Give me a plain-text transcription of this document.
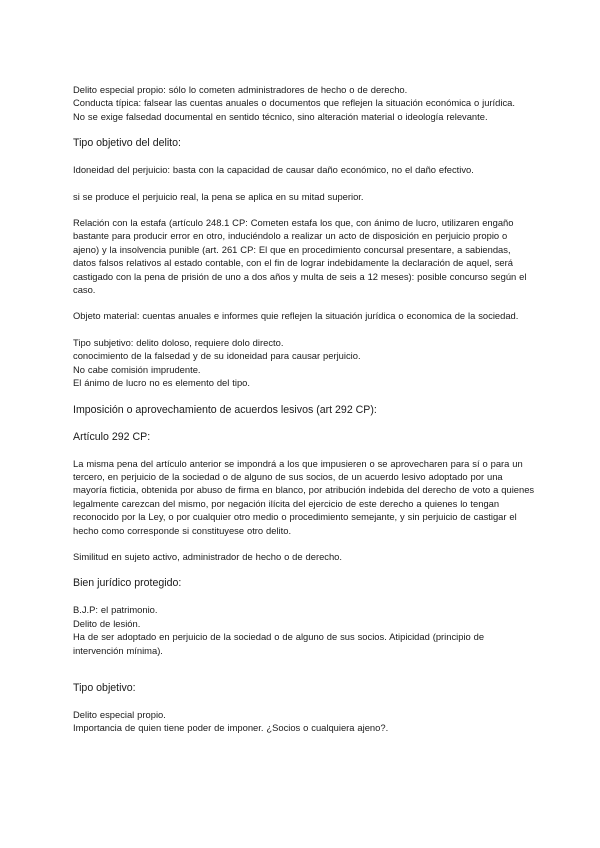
Delito especial propio: sólo lo cometen administradores de hecho o de derecho.

Conducta típica: falsear las cuentas anuales o documentos que reflejen la situación económica o jurídica.

No se exige falsedad documental en sentido técnico, sino alteración material o ideología relevante.

Tipo objetivo del delito:

Idoneidad del perjuicio: basta con la capacidad de causar daño económico, no el daño efectivo.

si se produce el perjuicio real, la pena se aplica en su mitad superior.

Relación con la estafa (artículo 248.1 CP: Cometen estafa los que, con ánimo de lucro, utilizaren engaño bastante para producir error en otro, induciéndolo a realizar un acto de disposición en perjuicio propio o ajeno) y la insolvencia punible (art. 261 CP: El que en procedimiento concursal presentare, a sabiendas, datos falsos relativos al estado contable, con el fin de lograr indebidamente la declaración de aquel, será castigado con la pena de prisión de uno a dos años y multa de seis a 12 meses): posible concurso según el caso.

Objeto material: cuentas anuales e informes quie reflejen la situación jurídica o economica de la sociedad.

Tipo subjetivo: delito doloso, requiere dolo directo.

conocimiento de la falsedad y de su idoneidad para causar perjuicio.

No cabe comisión imprudente.

El ánimo de lucro no es elemento del tipo.

Imposición o aprovechamiento de acuerdos lesivos (art 292 CP):

Artículo 292 CP:

La misma pena del artículo anterior se impondrá a los que impusieren o se aprovecharen para sí o para un tercero, en perjuicio de la sociedad o de alguno de sus socios, de un acuerdo lesivo adoptado por una mayoría ficticia, obtenida por abuso de firma en blanco, por atribución indebida del derecho de voto a quienes legalmente carezcan del mismo, por negación ilícita del ejercicio de este derecho a quienes lo tengan reconocido por la Ley, o por cualquier otro medio o procedimiento semejante, y sin perjuicio de castigar el hecho como corresponde si constituyese otro delito.

Similitud en sujeto activo, administrador de hecho o de derecho.

Bien jurídico protegido:

B.J.P: el patrimonio.

Delito de lesión.

Ha de ser adoptado en perjuicio de la sociedad o de alguno de sus socios. Atipicidad (principio de intervención mínima).

Tipo objetivo:

Delito especial propio.

Importancia de quien tiene poder de imponer. ¿Socios o cualquiera ajeno?.
